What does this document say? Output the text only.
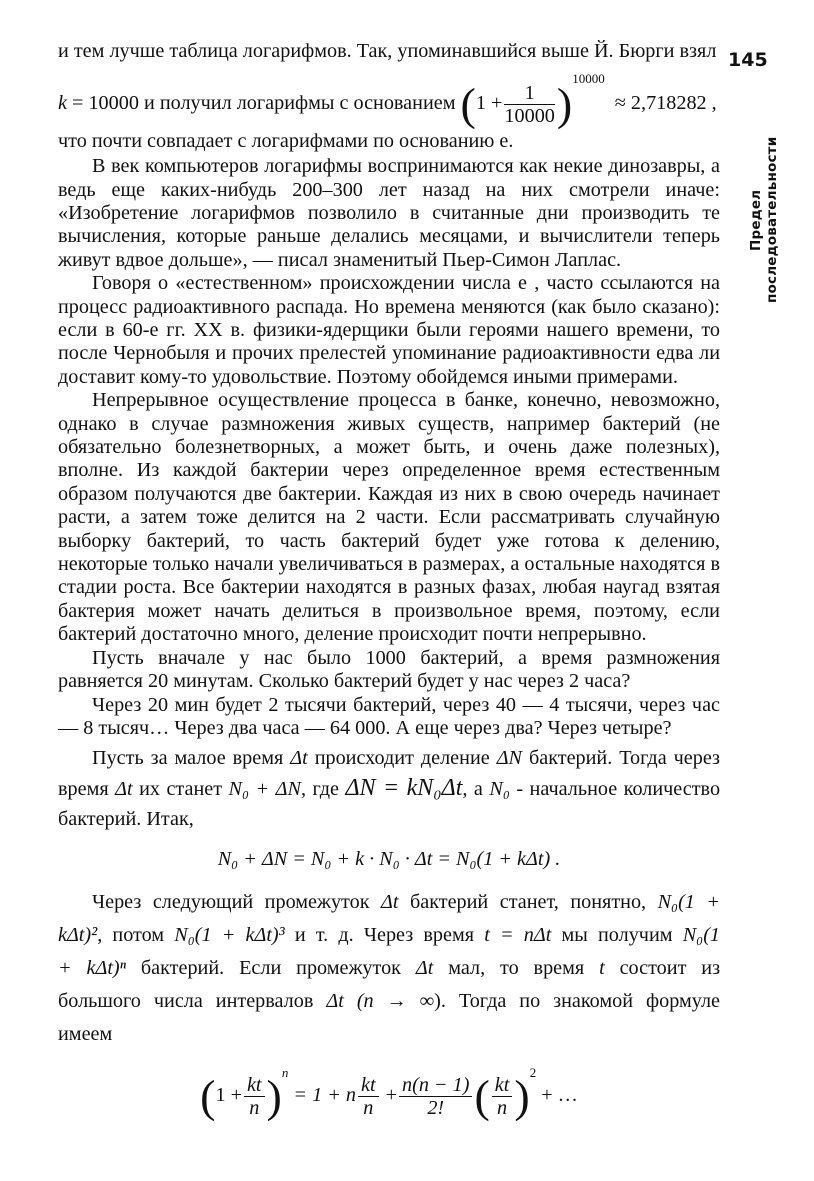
145
Предел последовательности

и тем лучше таблица логарифмов. Так, упоминавшийся выше Й. Бюрги взял

k = 10000 и получил логарифмы с основанием $(1 + \frac{1}{10000} )^{10000} \approx 2,718282$ ,

что почти совпадает с логарифмами по основанию e.

В век компьютеров логарифмы воспринимаются как некие динозавры, а ведь еще каких-нибудь 200–300 лет назад на них смотрели иначе: «Изобретение логарифмов позволило в считанные дни производить те вычисления, которые раньше делались месяцами, и вычислители теперь живут вдвое дольше», — писал знаменитый Пьер-Симон Лаплас.

Говоря о «естественном» происхождении числа e , часто ссылаются на процесс радиоактивного распада. Но времена меняются (как было сказано): если в 60-е гг. XX в. физики-ядерщики были героями нашего времени, то после Чернобыля и прочих прелестей упоминание радиоактивности едва ли доставит кому-то удовольствие. Поэтому обойдемся иными примерами.

Непрерывное осуществление процесса в банке, конечно, невозможно, однако в случае размножения живых существ, например бактерий (не обязательно болезнетворных, а может быть, и очень даже полезных), вполне. Из каждой бактерии через определенное время естественным образом получаются две бактерии. Каждая из них в свою очередь начинает расти, а затем тоже делится на 2 части. Если рассматривать случайную выборку бактерий, то часть бактерий будет уже готова к делению, некоторые только начали увеличиваться в размерах, а остальные находятся в стадии роста. Все бактерии находятся в разных фазах, любая наугад взятая бактерия может начать делиться в произвольное время, поэтому, если бактерий достаточно много, деление происходит почти непрерывно.

Пусть вначале у нас было 1000 бактерий, а время размножения равняется 20 минутам. Сколько бактерий будет у нас через 2 часа?

Через 20 мин будет 2 тысячи бактерий, через 40 — 4 тысячи, через час — 8 тысяч… Через два часа — 64 000. А еще через два? Через четыре?

Пусть за малое время Δt происходит деление ΔN бактерий. Тогда через время Δt их станет N₀ + ΔN, где ΔN = kN₀Δt, а N₀ - начальное количество бактерий. Итак,

N₀ + ΔN = N₀ + k · N₀ · Δt = N₀(1 + kΔt) .

Через следующий промежуток Δt бактерий станет, понятно, N₀(1 + kΔt)², потом N₀(1 + kΔt)³ и т. д. Через время t = nΔt мы получим N₀(1 + kΔt)ⁿ бактерий. Если промежуток Δt мал, то время t состоит из большого числа интервалов Δt (n → ∞). Тогда по знакомой формуле имеем

$(1 + \frac{kt}{n} )^n = 1 + n \frac{kt}{n} + \frac{n(n - 1)}{2!}$ ( $\frac{kt}{n} )^2$ + …
